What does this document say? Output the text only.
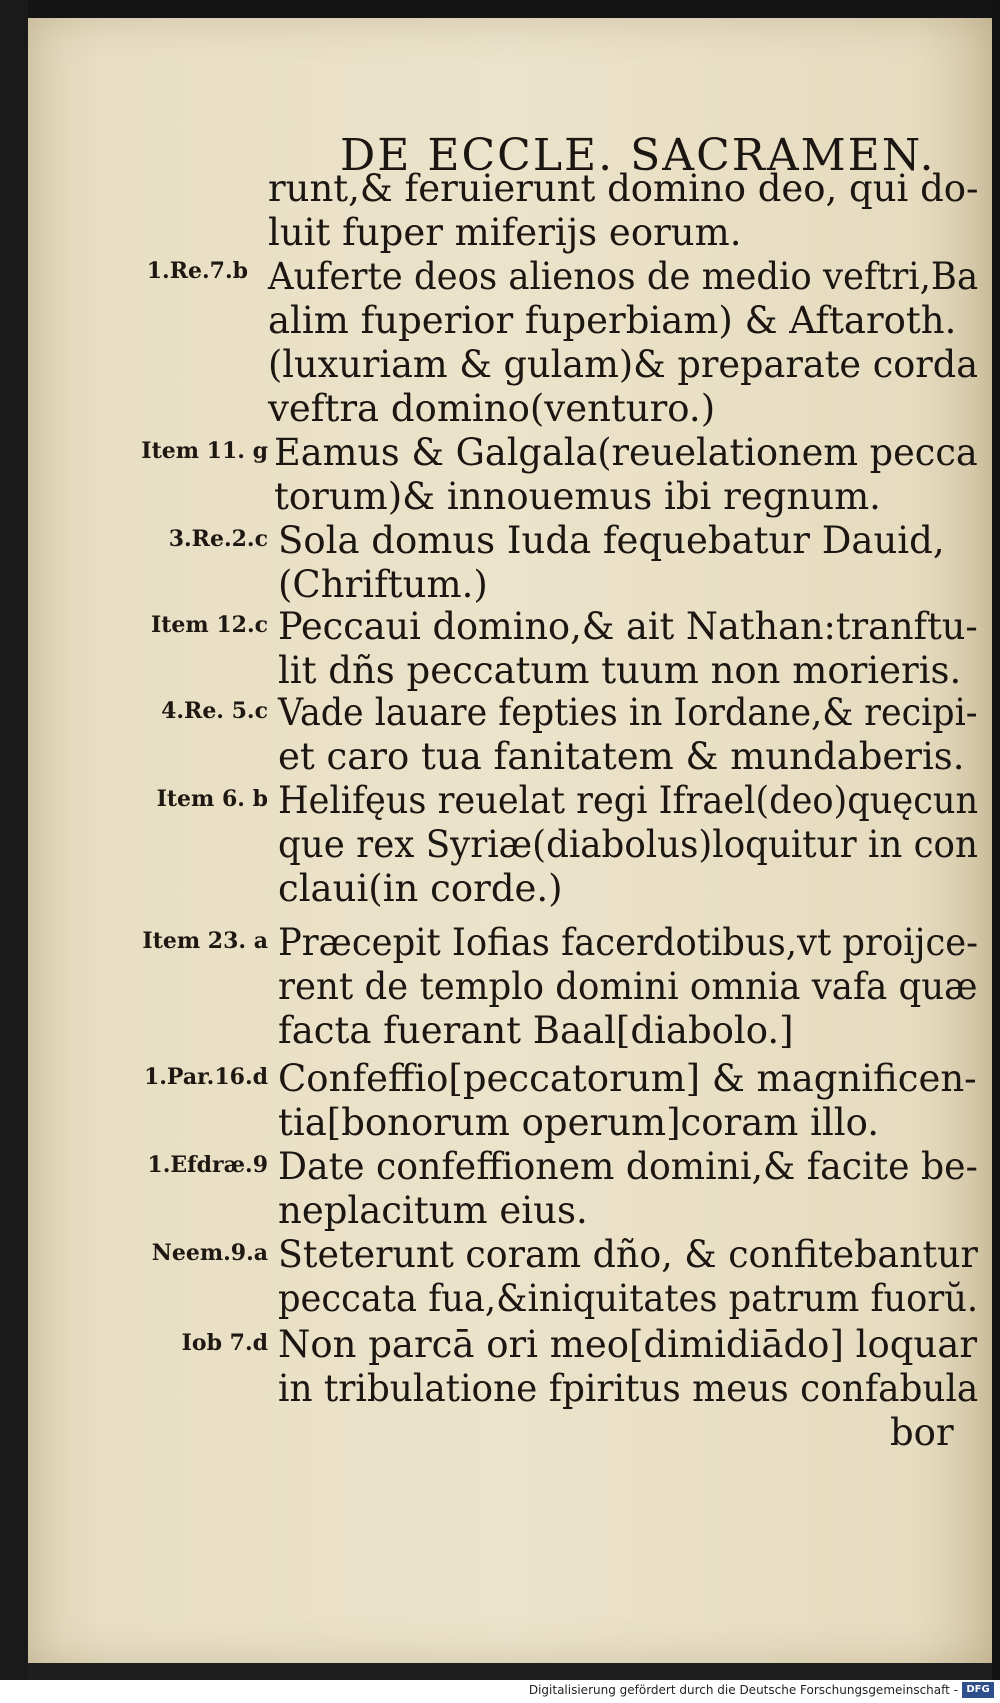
DE ECCLE. SACRAMEN.
runt,& feruierunt domino deo, qui do-
luit fuper miferijs eorum.
1.Re.7.b Auferte deos alienos de medio veftri,Ba
alim fuperior fuperbiam) & Aftaroth.
(luxuriam & gulam)& preparate corda
veftra domino(venturo.)
Item 11. g Eamus & Galgala(reuelationem pecca
torum)& innouemus ibi regnum.
3.Re.2.c Sola domus Iuda fequebatur Dauid,
(Chriftum.)
Item 12.c Peccaui domino,& ait Nathan:tranftu-
lit dñs peccatum tuum non morieris.
4.Re. 5.c Vade lauare fepties in Iordane,& recipi-
et caro tua fanitatem & mundaberis.
Item 6. b Helifęus reuelat regi Ifrael(deo)quęcun
que rex Syriæ(diabolus)loquitur in con
claui(in corde.)
Item 23. a Præcepit Iofias facerdotibus,vt proijce-
rent de templo domini omnia vafa quæ
facta fuerant Baal[diabolo.]
1.Par.16.d Confeffio[peccatorum] & magnificen-
tia[bonorum operum]coram illo.
1.Efdræ.9 Date confeffionem domini,& facite be-
neplacitum eius.
Neem.9.a Steterunt coram dño, & confitebantur
peccata fua,&iniquitates patrum fuorŭ.
Iob 7.d Non parcā ori meo[dimidiādo] loquar
in tribulatione fpiritus meus confabula
bor
Digitalisierung gefördert durch die Deutsche Forschungsgemeinschaft - DFG
